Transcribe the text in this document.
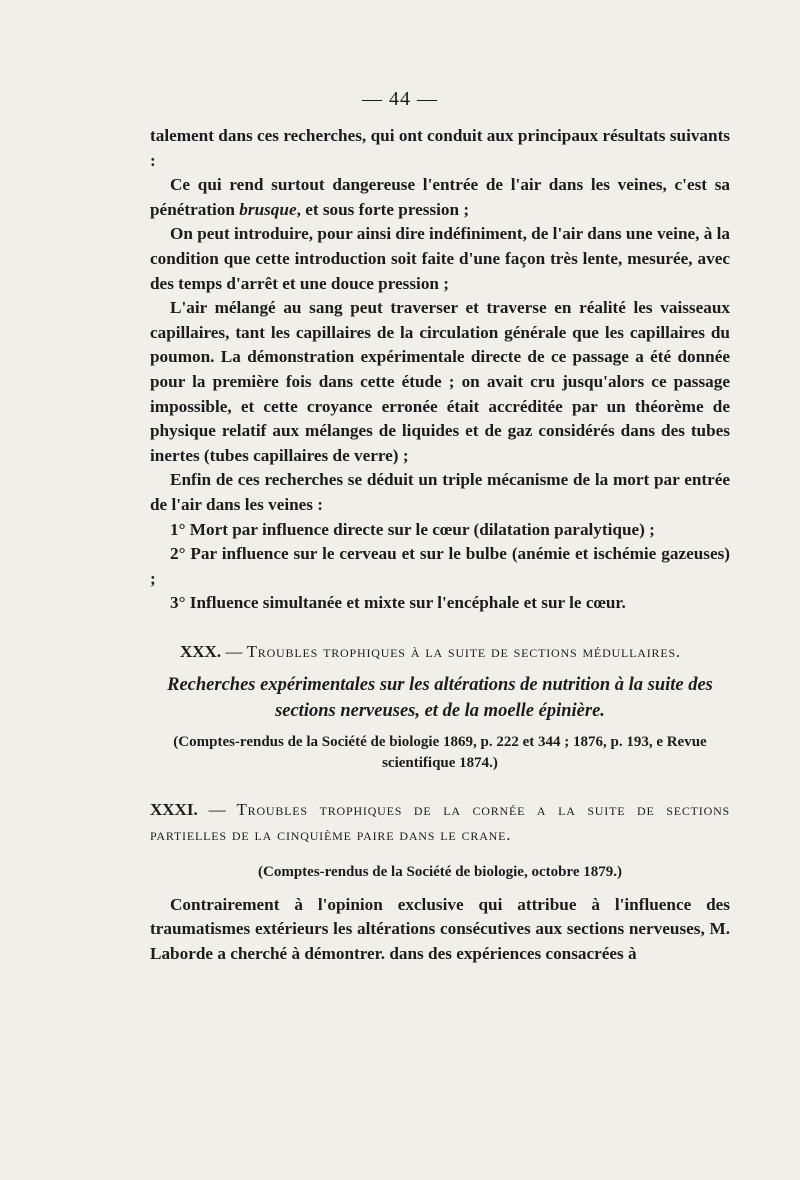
— 44 —

talement dans ces recherches, qui ont conduit aux principaux résultats suivants :

Ce qui rend surtout dangereuse l'entrée de l'air dans les veines, c'est sa pénétration brusque, et sous forte pression ;

On peut introduire, pour ainsi dire indéfiniment, de l'air dans une veine, à la condition que cette introduction soit faite d'une façon très lente, mesurée, avec des temps d'arrêt et une douce pression ;

L'air mélangé au sang peut traverser et traverse en réalité les vaisseaux capillaires, tant les capillaires de la circulation générale que les capillaires du poumon. La démonstration expérimentale directe de ce passage a été donnée pour la première fois dans cette étude ; on avait cru jusqu'alors ce passage impossible, et cette croyance erronée était accréditée par un théorème de physique relatif aux mélanges de liquides et de gaz considérés dans des tubes inertes (tubes capillaires de verre) ;

Enfin de ces recherches se déduit un triple mécanisme de la mort par entrée de l'air dans les veines :

1° Mort par influence directe sur le cœur (dilatation paralytique) ;

2° Par influence sur le cerveau et sur le bulbe (anémie et ischémie gazeuses) ;

3° Influence simultanée et mixte sur l'encéphale et sur le cœur.

XXX. — Troubles trophiques à la suite de sections médullaires.

Recherches expérimentales sur les altérations de nutrition à la suite des sections nerveuses, et de la moelle épinière.

(Comptes-rendus de la Société de biologie 1869, p. 222 et 344 ; 1876, p. 193, e Revue scientifique 1874.)

XXXI. — Troubles trophiques de la cornée a la suite de sections partielles de la cinquième paire dans le crane.

(Comptes-rendus de la Société de biologie, octobre 1879.)

Contrairement à l'opinion exclusive qui attribue à l'influence des traumatismes extérieurs les altérations consécutives aux sections nerveuses, M. Laborde a cherché à démontrer. dans des expériences consacrées à
